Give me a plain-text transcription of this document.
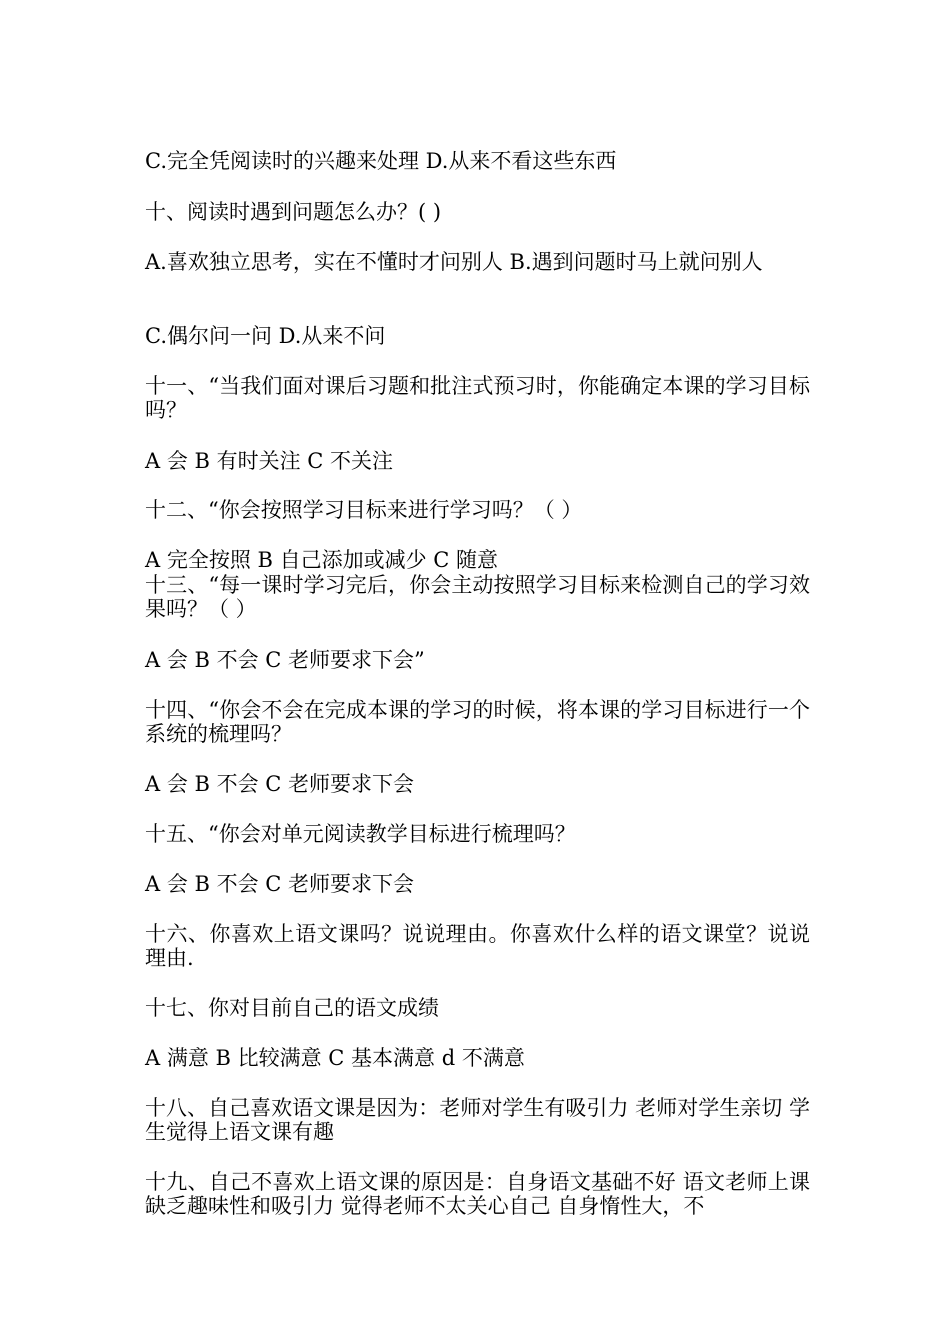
C.完全凭阅读时的兴趣来处理 D.从来不看这些东西
十、阅读时遇到问题怎么办？( )
A.喜欢独立思考，实在不懂时才问别人 B.遇到问题时马上就问别人
C.偶尔问一问 D.从来不问
十一、“当我们面对课后习题和批注式预习时，你能确定本课的学习目标吗？
A 会 B 有时关注 C 不关注
十二、“你会按照学习目标来进行学习吗？（ ）
A 完全按照 B 自己添加或减少 C 随意
十三、“每一课时学习完后，你会主动按照学习目标来检测自己的学习效果吗？（ ）
A 会 B 不会 C 老师要求下会”
十四、“你会不会在完成本课的学习的时候，将本课的学习目标进行一个系统的梳理吗？
A 会 B 不会 C 老师要求下会
十五、“你会对单元阅读教学目标进行梳理吗？
A 会 B 不会 C 老师要求下会
十六、你喜欢上语文课吗？说说理由。你喜欢什么样的语文课堂？说说理由.
十七、你对目前自己的语文成绩
A 满意 B 比较满意 C 基本满意 d 不满意
十八、自己喜欢语文课是因为：老师对学生有吸引力 老师对学生亲切 学生觉得上语文课有趣
十九、自己不喜欢上语文课的原因是：自身语文基础不好 语文老师上课缺乏趣味性和吸引力 觉得老师不太关心自己 自身惰性大，不
